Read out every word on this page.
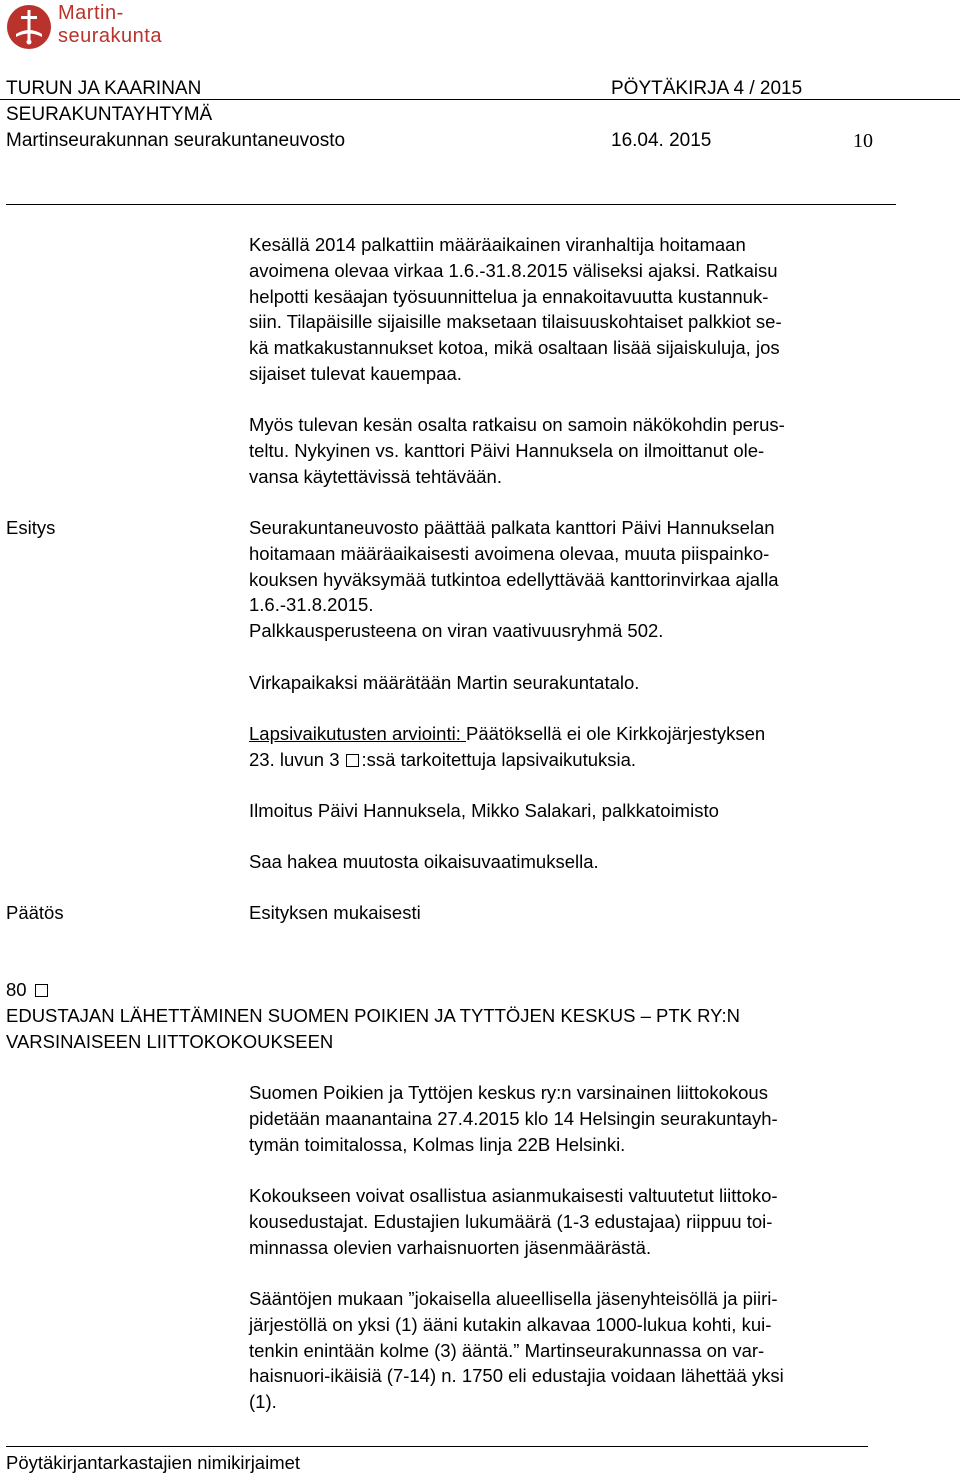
Martin-
seurakunta
TURUN JA KAARINAN	PÖYTÄKIRJA 4 / 2015
SEURAKUNTAYHTYMÄ
Martinseurakunnan seurakuntaneuvosto	16.04. 2015	10
Kesällä 2014 palkattiin määräaikainen viranhaltija hoitamaan
avoimena olevaa virkaa 1.6.-31.8.2015 väliseksi ajaksi. Ratkaisu
helpotti kesäajan työsuunnittelua ja ennakoitavuutta kustannuk-
siin. Tilapäisille sijaisille maksetaan tilaisuuskohtaiset palkkiot se-
kä matkakustannukset kotoa, mikä osaltaan lisää sijaiskuluja, jos
sijaiset tulevat kauempaa.
Myös tulevan kesän osalta ratkaisu on samoin näkökohdin perus-
teltu. Nykyinen vs. kanttori Päivi Hannuksela on ilmoittanut ole-
vansa käytettävissä tehtävään.
Esitys	Seurakuntaneuvosto päättää palkata kanttori Päivi Hannukselan
hoitamaan määräaikaisesti avoimena olevaa, muuta piispainko-
kouksen hyväksymää tutkintoa edellyttävää kanttorinvirkaa ajalla
1.6.-31.8.2015.
Palkkausperusteena on viran vaativuusryhmä 502.
Virkapaikaksi määrätään Martin seurakuntatalo.
Lapsivaikutusten arviointi: Päätöksellä ei ole Kirkkojärjestyksen
23. luvun 3 :ssä tarkoitettuja lapsivaikutuksia.
Ilmoitus Päivi Hannuksela, Mikko Salakari, palkkatoimisto
Saa hakea muutosta oikaisuvaatimuksella.
Päätös	Esityksen mukaisesti
80
EDUSTAJAN LÄHETTÄMINEN SUOMEN POIKIEN JA TYTTÖJEN KESKUS – PTK RY:N
VARSINAISEEN LIITTOKOKOUKSEEN
Suomen Poikien ja Tyttöjen keskus ry:n varsinainen liittokokous
pidetään maanantaina 27.4.2015 klo 14 Helsingin seurakuntayh-
tymän toimitalossa, Kolmas linja 22B Helsinki.
Kokoukseen voivat osallistua asianmukaisesti valtuutetut liittoko-
kousedustajat. Edustajien lukumäärä (1-3 edustajaa) riippuu toi-
minnassa olevien varhaisnuorten jäsenmäärästä.
Sääntöjen mukaan ”jokaisella alueellisella jäsenyhteisöllä ja piiri-
järjestöllä on yksi (1) ääni kutakin alkavaa 1000-lukua kohti, kui-
tenkin enintään kolme (3) ääntä.” Martinseurakunnassa on var-
haisnuori-ikäisiä (7-14) n. 1750 eli edustajia voidaan lähettää yksi
(1).
Pöytäkirjantarkastajien nimikirjaimet
